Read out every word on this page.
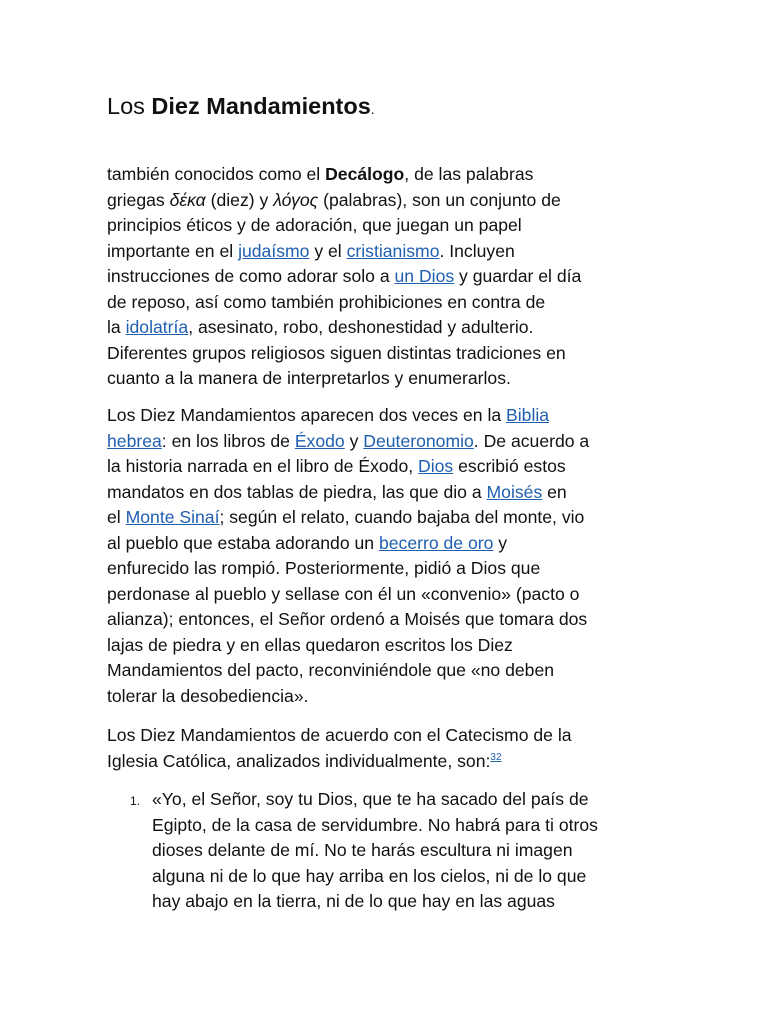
Los Diez Mandamientos.

también conocidos como el Decálogo, de las palabras
griegas δέκα (diez) y λόγος (palabras), son un conjunto de
principios éticos y de adoración, que juegan un papel
importante en el judaísmo y el cristianismo. Incluyen
instrucciones de como adorar solo a un Dios y guardar el día
de reposo, así como también prohibiciones en contra de
la idolatría, asesinato, robo, deshonestidad y adulterio.
Diferentes grupos religiosos siguen distintas tradiciones en
cuanto a la manera de interpretarlos y enumerarlos.

Los Diez Mandamientos aparecen dos veces en la Biblia
hebrea: en los libros de Éxodo y Deuteronomio. De acuerdo a
la historia narrada en el libro de Éxodo, Dios escribió estos
mandatos en dos tablas de piedra, las que dio a Moisés en
el Monte Sinaí; según el relato, cuando bajaba del monte, vio
al pueblo que estaba adorando un becerro de oro y
enfurecido las rompió. Posteriormente, pidió a Dios que
perdonase al pueblo y sellase con él un «convenio» (pacto o
alianza); entonces, el Señor ordenó a Moisés que tomara dos
lajas de piedra y en ellas quedaron escritos los Diez
Mandamientos del pacto, reconviniéndole que «no deben
tolerar la desobediencia».

Los Diez Mandamientos de acuerdo con el Catecismo de la
Iglesia Católica, analizados individualmente, son:$^{32}$

1. «Yo, el Señor, soy tu Dios, que te ha sacado del país de
Egipto, de la casa de servidumbre. No habrá para ti otros
dioses delante de mí. No te harás escultura ni imagen
alguna ni de lo que hay arriba en los cielos, ni de lo que
hay abajo en la tierra, ni de lo que hay en las aguas
